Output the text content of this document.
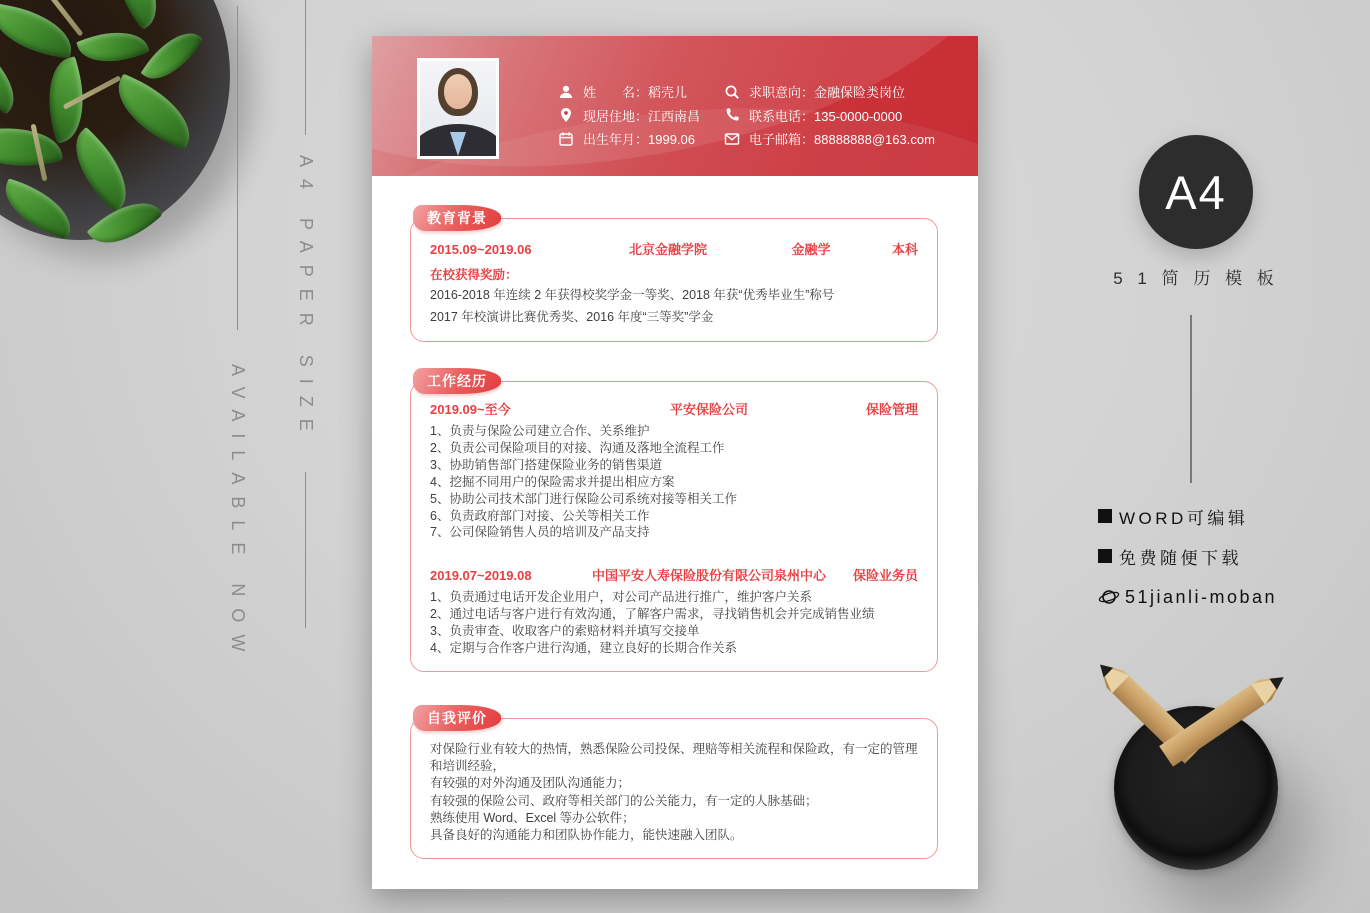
A4 PAPER SIZE
AVAILABLE NOW
姓　　名：稻壳儿
现居住地：江西南昌
出生年月：1999.06
求职意向：金融保险类岗位
联系电话：135-0000-0000
电子邮箱：88888888@163.com
教育背景
2015.09~2019.06	北京金融学院	金融学	本科
在校获得奖励：
2016-2018 年连续 2 年获得校奖学金一等奖、2018 年获“优秀毕业生”称号
2017 年校演讲比赛优秀奖、2016 年度“三等奖”学金
工作经历
2019.09~至今	平安保险公司	保险管理
1、负责与保险公司建立合作、关系维护
2、负责公司保险项目的对接、沟通及落地全流程工作
3、协助销售部门搭建保险业务的销售渠道
4、挖掘不同用户的保险需求并提出相应方案
5、协助公司技术部门进行保险公司系统对接等相关工作
6、负责政府部门对接、公关等相关工作
7、公司保险销售人员的培训及产品支持
2019.07~2019.08	中国平安人寿保险股份有限公司泉州中心	保险业务员
1、负责通过电话开发企业用户，对公司产品进行推广，维护客户关系
2、通过电话与客户进行有效沟通，了解客户需求，寻找销售机会并完成销售业绩
3、负责审查、收取客户的索赔材料并填写交接单
4、定期与合作客户进行沟通，建立良好的长期合作关系
自我评价
对保险行业有较大的热情，熟悉保险公司投保、理赔等相关流程和保险政，有一定的管理和培训经验，
有较强的对外沟通及团队沟通能力；
有较强的保险公司、政府等相关部门的公关能力，有一定的人脉基础；
熟练使用 Word、Excel 等办公软件；
具备良好的沟通能力和团队协作能力，能快速融入团队。
A4
5 1 简 历 模 板
WORD可编辑
免费随便下载
51jianli-moban
